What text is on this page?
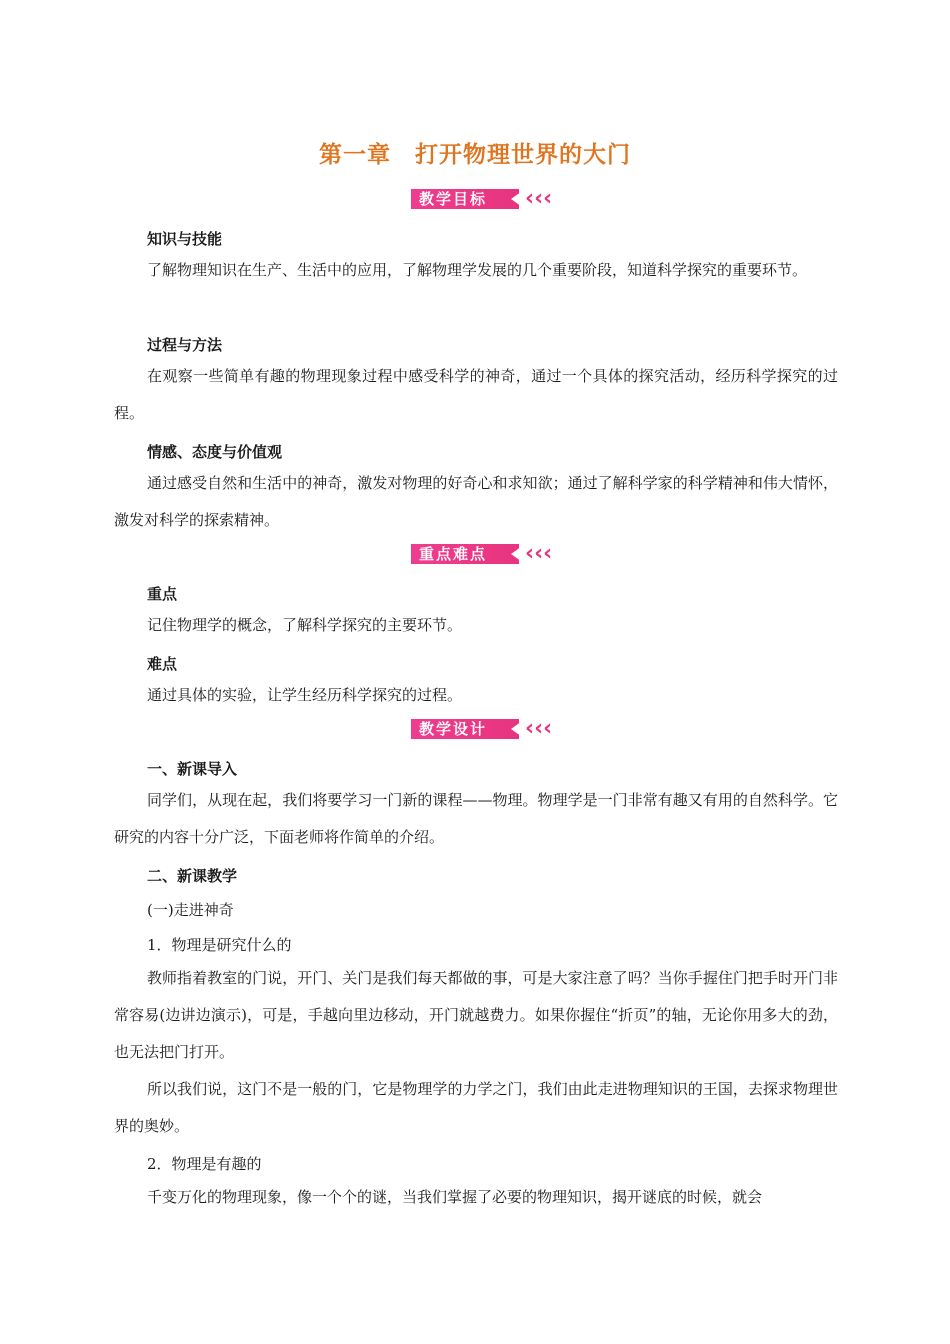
第一章　打开物理世界的大门
教学目标 ‹‹‹
知识与技能
了解物理知识在生产、生活中的应用，了解物理学发展的几个重要阶段，知道科学探究的重要环节。
过程与方法
在观察一些简单有趣的物理现象过程中感受科学的神奇，通过一个具体的探究活动，经历科学探究的过程。
情感、态度与价值观
通过感受自然和生活中的神奇，激发对物理的好奇心和求知欲；通过了解科学家的科学精神和伟大情怀，激发对科学的探索精神。
重点难点 ‹‹‹
重点
记住物理学的概念，了解科学探究的主要环节。
难点
通过具体的实验，让学生经历科学探究的过程。
教学设计 ‹‹‹
一、新课导入
同学们，从现在起，我们将要学习一门新的课程——物理。物理学是一门非常有趣又有用的自然科学。它研究的内容十分广泛，下面老师将作简单的介绍。
二、新课教学
(一)走进神奇
1．物理是研究什么的
教师指着教室的门说，开门、关门是我们每天都做的事，可是大家注意了吗？当你手握住门把手时开门非常容易(边讲边演示)，可是，手越向里边移动，开门就越费力。如果你握住“折页”的轴，无论你用多大的劲，也无法把门打开。
所以我们说，这门不是一般的门，它是物理学的力学之门，我们由此走进物理知识的王国，去探求物理世界的奥妙。
2．物理是有趣的
千变万化的物理现象，像一个个的谜，当我们掌握了必要的物理知识，揭开谜底的时候，就会
